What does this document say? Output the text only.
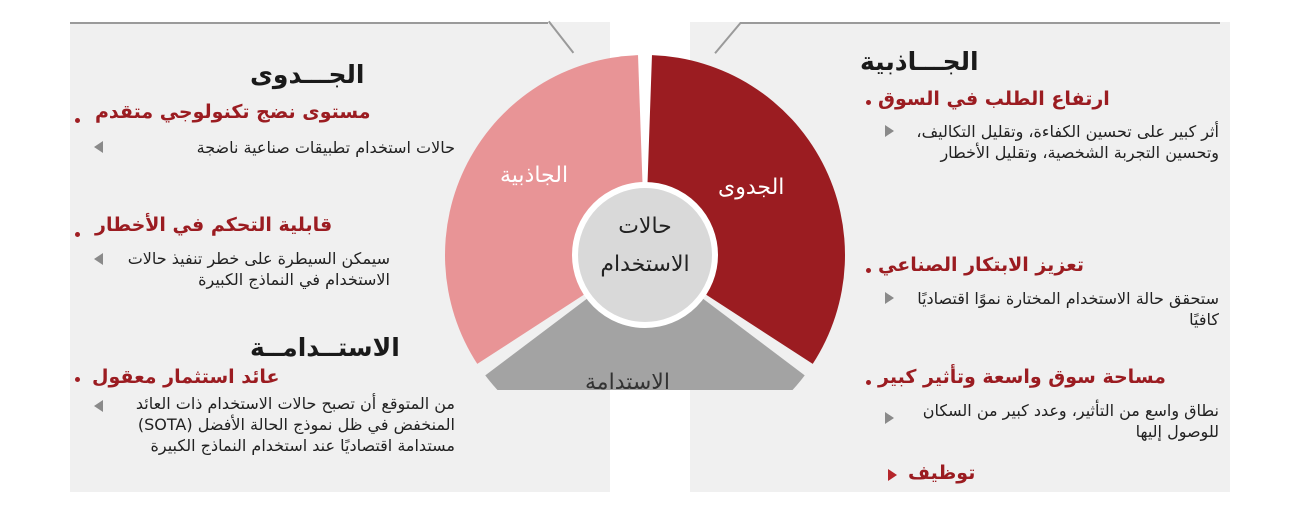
الجاذبية	الجدوى
الاستدامة
حالات
الاستخدام
الجـــدوى
مستوى نضج تكنولوجي متقدم
حالات استخدام تطبيقات صناعية ناضجة
قابلية التحكم في الأخطار
سيمكن السيطرة على خطر تنفيذ حالات الاستخدام في النماذج الكبيرة
الاستــدامــة
عائد استثمار معقول
من المتوقع أن تصبح حالات الاستخدام ذات العائد المنخفض في ظل نموذج الحالة الأفضل (SOTA) مستدامة اقتصاديًا عند استخدام النماذج الكبيرة
الجـــاذبية
ارتفاع الطلب في السوق
أثر كبير على تحسين الكفاءة، وتقليل التكاليف، وتحسين التجربة الشخصية، وتقليل الأخطار
تعزيز الابتكار الصناعي
ستحقق حالة الاستخدام المختارة نموًا اقتصاديًا كافيًا
مساحة سوق واسعة وتأثير كبير
نطاق واسع من التأثير، وعدد كبير من السكان للوصول إليها
توظيف
